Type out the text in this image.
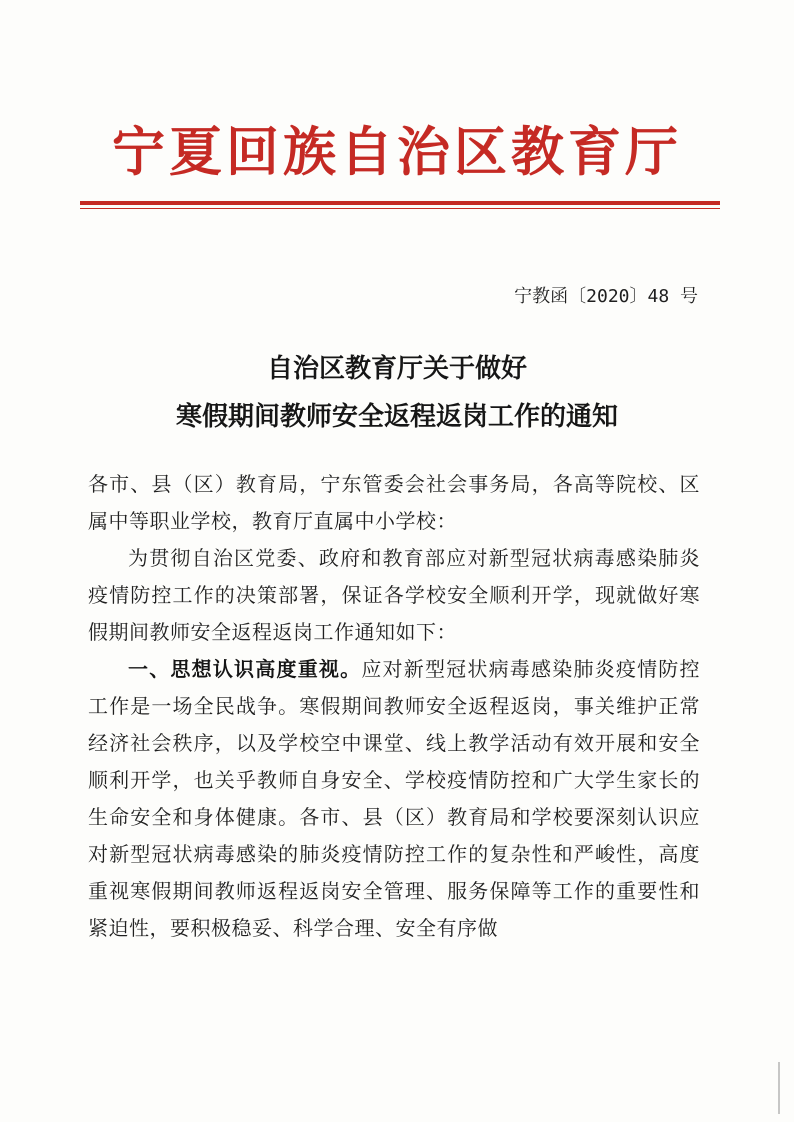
宁夏回族自治区教育厅
宁教函〔2020〕48 号
自治区教育厅关于做好
寒假期间教师安全返程返岗工作的通知

各市、县（区）教育局，宁东管委会社会事务局，各高等院校、区属中等职业学校，教育厅直属中小学校：

为贯彻自治区党委、政府和教育部应对新型冠状病毒感染肺炎疫情防控工作的决策部署，保证各学校安全顺利开学，现就做好寒假期间教师安全返程返岗工作通知如下：

一、思想认识高度重视。应对新型冠状病毒感染肺炎疫情防控工作是一场全民战争。寒假期间教师安全返程返岗，事关维护正常经济社会秩序，以及学校空中课堂、线上教学活动有效开展和安全顺利开学，也关乎教师自身安全、学校疫情防控和广大学生家长的生命安全和身体健康。各市、县（区）教育局和学校要深刻认识应对新型冠状病毒感染的肺炎疫情防控工作的复杂性和严峻性，高度重视寒假期间教师返程返岗安全管理、服务保障等工作的重要性和紧迫性，要积极稳妥、科学合理、安全有序做
